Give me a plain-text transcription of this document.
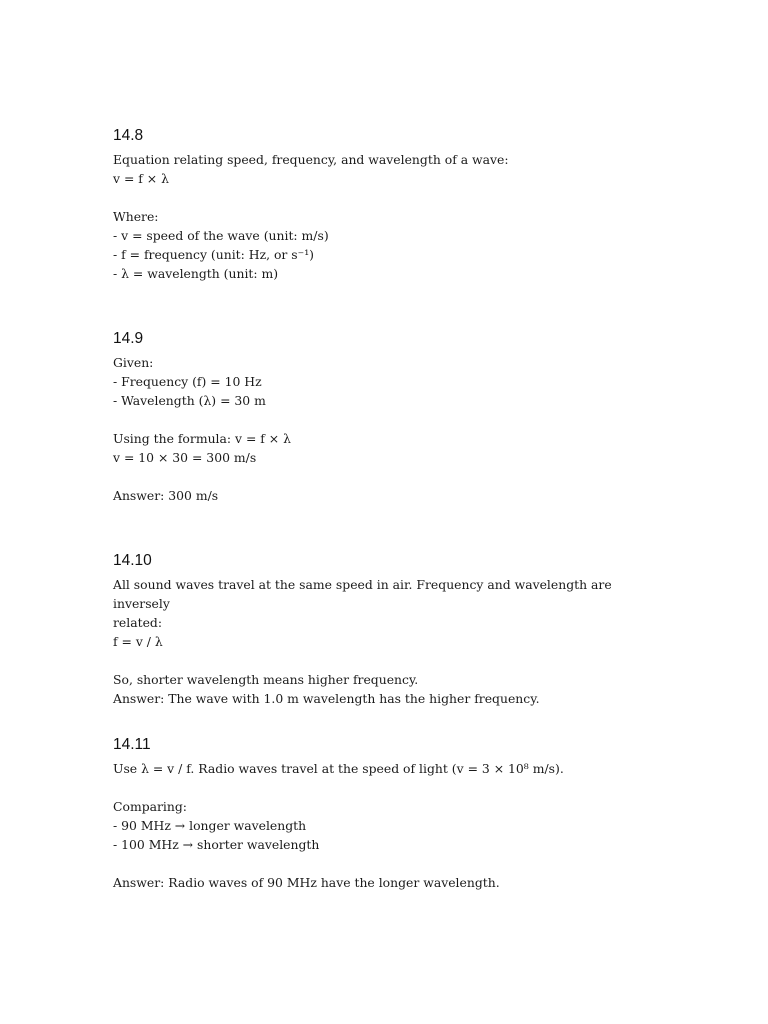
14.8
Equation relating speed, frequency, and wavelength of a wave:
v = f × λ
Where:
- v = speed of the wave (unit: m/s)
- f = frequency (unit: Hz, or s⁻¹)
- λ = wavelength (unit: m)
14.9
Given:
- Frequency (f) = 10 Hz
- Wavelength (λ) = 30 m
Using the formula: v = f × λ
v = 10 × 30 = 300 m/s
Answer: 300 m/s
14.10
All sound waves travel at the same speed in air. Frequency and wavelength are inversely
related:
f = v / λ
So, shorter wavelength means higher frequency.
Answer: The wave with 1.0 m wavelength has the higher frequency.
14.11
Use λ = v / f. Radio waves travel at the speed of light (v = 3 × 10⁸ m/s).
Comparing:
- 90 MHz → longer wavelength
- 100 MHz → shorter wavelength
Answer: Radio waves of 90 MHz have the longer wavelength.
